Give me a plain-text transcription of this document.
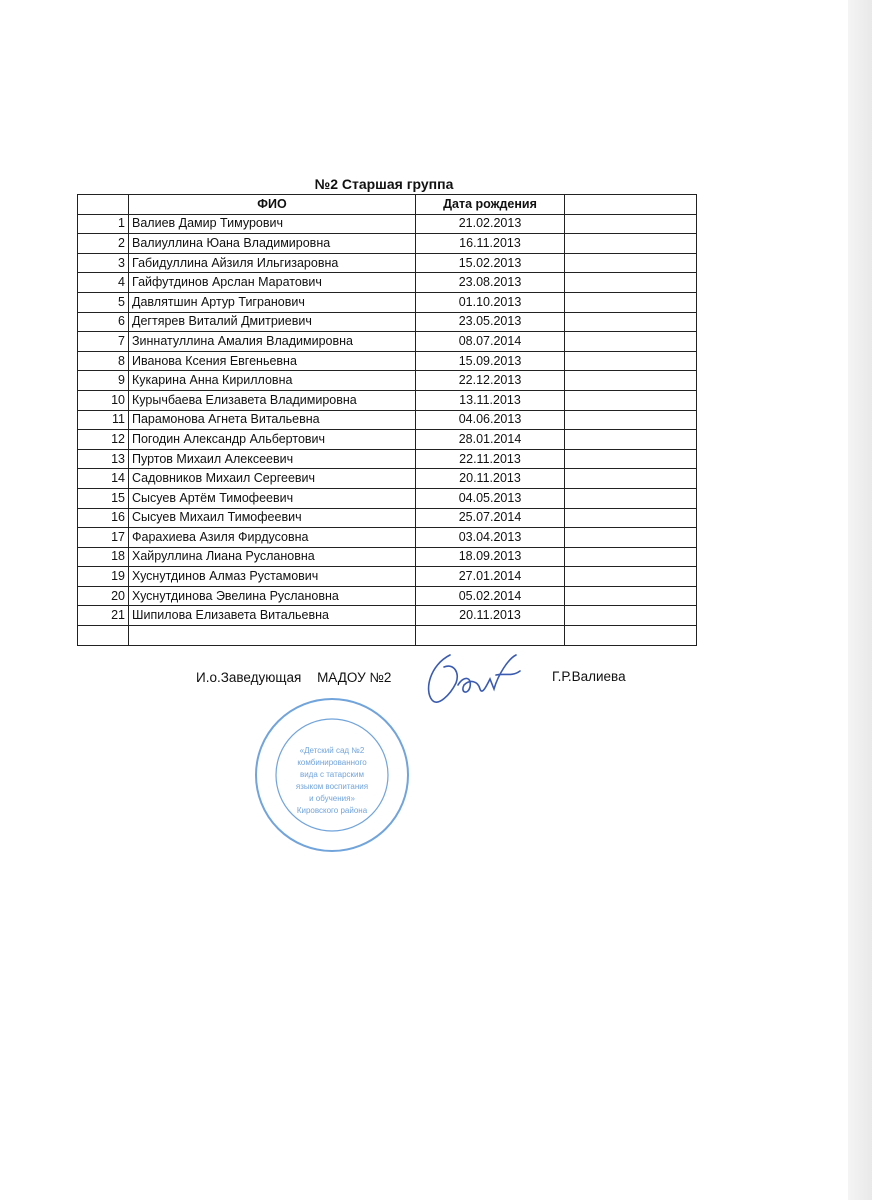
№2 Старшая группа
	ФИО	Дата рождения	
1	Валиев Дамир Тимурович	21.02.2013	
2	Валиуллина Юана Владимировна	16.11.2013	
3	Габидуллина Айзиля Ильгизаровна	15.02.2013	
4	Гайфутдинов Арслан Маратович	23.08.2013	
5	Давлятшин Артур Тигранович	01.10.2013	
6	Дегтярев Виталий Дмитриевич	23.05.2013	
7	Зиннатуллина Амалия Владимировна	08.07.2014	
8	Иванова Ксения Евгеньевна	15.09.2013	
9	Кукарина Анна Кирилловна	22.12.2013	
10	Курычбаева Елизавета Владимировна	13.11.2013	
11	Парамонова Агнета Витальевна	04.06.2013	
12	Погодин Александр Альбертович	28.01.2014	
13	Пуртов Михаил Алексеевич	22.11.2013	
14	Садовников Михаил Сергеевич	20.11.2013	
15	Сысуев Артём Тимофеевич	04.05.2013	
16	Сысуев Михаил Тимофеевич	25.07.2014	
17	Фарахиева Азиля Фирдусовна	03.04.2013	
18	Хайруллина Лиана Руслановна	18.09.2013	
19	Хуснутдинов Алмаз Рустамович	27.01.2014	
20	Хуснутдинова Эвелина Руслановна	05.02.2014	
21	Шипилова Елизавета Витальевна	20.11.2013	

И.о.Заведующая МАДОУ №2	Г.Р.Валиева
«Детский сад №2
комбинированного
вида с татарским
языком воспитания
и обучения»
Кировского района
